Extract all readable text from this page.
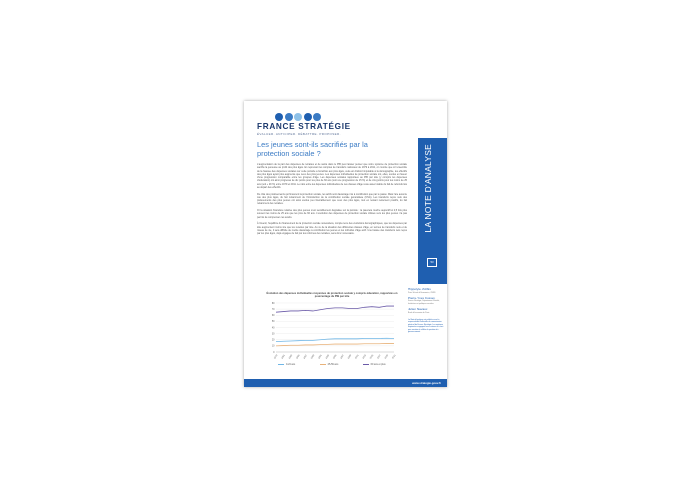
FRANCE STRATÉGIE
ÉVALUER. ANTICIPER. DÉBATTRE. PROPOSER.
Les jeunes sont-ils sacrifiés par la protection sociale ?	LA NOTE D'ANALYSE
53

L'augmentation de la part des dépenses de retraites et de santé dans le PIB peut laisser penser que notre système de protection sociale sacrifie la jeunesse au profit des plus âgés. En reprenant les comptes de transferts nationaux de 1979 à 2011, on montre que si l'ensemble de la hausse des dépenses sociales sur cette période a bénéficié aux plus âgés, cela est d'abord imputable à la démographie, les effectifs des plus âgés ayant plus augmenté que ceux des plus jeunes. Les dépenses individuelles de protection sociale ont, elles, évolué en faveur d'une progression comparable entre les groupes d'âge. Les dépenses sociales rapportées au PIB par tête (y compris les dépenses d'éducation) ont ainsi progressé de dix points pour les plus de 60 ans (soit une progression de 15 %) et de cinq points pour les moins de 25 ans (soit + 29 %) entre 1979 et 2011. Le ratio entre les dépenses individuelles de ces classes d'âge reste assez stable du fait de rebonds liés au départ des effectifs.

Du côté des prélèvements qui financent la protection sociale, les actifs sont davantage mis à contribution que par le passé. Mais l'are aussi le cas des plus âgés, du fait notamment de l'introduction de la contribution sociale généralisée (CSG). Les transferts reçus nets des prélèvements des plus jeunes ont ainsi évolué peu favorablement que ceux des plus âgés, tout en restant nettement positifs, du fait notamment des retraites.

Or la situation financière relative des plus jeunes s'est sensiblement dégradée sur la période : la pauvreté touche aujourd'hui 2,5 fois plus souvent les moins de 25 ans que les plus de 60 ans. L'évolution des dépenses de protection sociale ciblées vers les plus jeunes n'a pas permis de compenser ces écarts.

À l'avenir, l'équilibre du financement de la protection sociale nécessitera, compte tenu des évolutions démographiques, que les dépenses par tête augmentent moins vite que les recettes par tête. Au vu de la situation des différentes classes d'âge, en termes de transferts nets et de niveau de vie, il sera difficile de mettre davantage à contribution les jeunes et les individus d'âge actif. Une baisse des transferts nets reçus par les plus âgés, déjà engagée de fait par les réformes des retraites, sera donc nécessaire.

Évolution des dépenses individuelles moyennes de protection sociale y compris éducation, rapportées en pourcentage du PIB par tête
80
70
60
50
40
30
20
10
0
1979 1981 1983 1985 1987 1989 1991 1993 1995 1997 1999 2001 2003 2005 2007 2009 2011
0-24 ans	25-59 ans	60 ans et plus
Hippolyte d'Albis
Paris School of Economics, CNRS
Pierre-Yves Cusset,
France Stratégie, Département Société, Institutions et politiques sociales
Julien Navaux
École d'économie de Paris
La Note d'analyse est publiée sous la responsabilité éditoriale du commissaire général de France Stratégie. Les opinions exprimées engagent leurs auteurs et n'ont pas vocation à refléter la position du gouvernement.
www.strategie.gouv.fr
